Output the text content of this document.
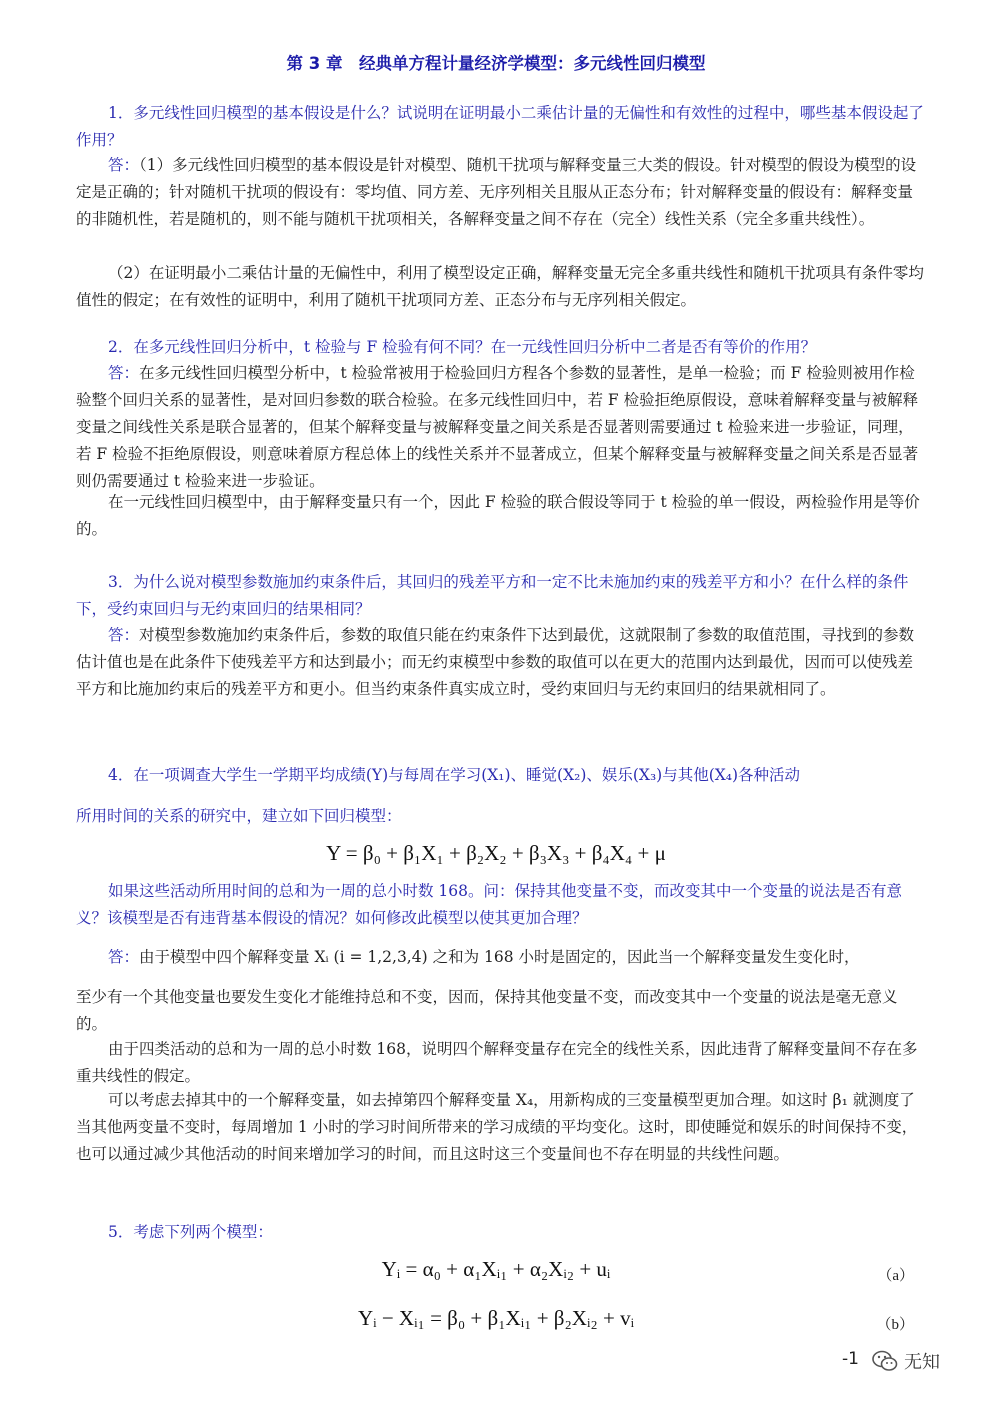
第 3 章　经典单方程计量经济学模型：多元线性回归模型
1．多元线性回归模型的基本假设是什么？试说明在证明最小二乘估计量的无偏性和有效性的过程中，哪些基本假设起了作用？
答：（1）多元线性回归模型的基本假设是针对模型、随机干扰项与解释变量三大类的假设。针对模型的假设为模型的设定是正确的；针对随机干扰项的假设有：零均值、同方差、无序列相关且服从正态分布；针对解释变量的假设有：解释变量的非随机性，若是随机的，则不能与随机干扰项相关，各解释变量之间不存在（完全）线性关系（完全多重共线性）。
（2）在证明最小二乘估计量的无偏性中，利用了模型设定正确，解释变量无完全多重共线性和随机干扰项具有条件零均值性的假定；在有效性的证明中，利用了随机干扰项同方差、正态分布与无序列相关假定。
2．在多元线性回归分析中，t 检验与 F 检验有何不同？在一元线性回归分析中二者是否有等价的作用？
答：在多元线性回归模型分析中，t 检验常被用于检验回归方程各个参数的显著性，是单一检验；而 F 检验则被用作检验整个回归关系的显著性，是对回归参数的联合检验。在多元线性回归中，若 F 检验拒绝原假设，意味着解释变量与被解释变量之间线性关系是联合显著的，但某个解释变量与被解释变量之间关系是否显著则需要通过 t 检验来进一步验证，同理，若 F 检验不拒绝原假设，则意味着原方程总体上的线性关系并不显著成立，但某个解释变量与被解释变量之间关系是否显著则仍需要通过 t 检验来进一步验证。
在一元线性回归模型中，由于解释变量只有一个，因此 F 检验的联合假设等同于 t 检验的单一假设，两检验作用是等价的。
3．为什么说对模型参数施加约束条件后，其回归的残差平方和一定不比未施加约束的残差平方和小？在什么样的条件下，受约束回归与无约束回归的结果相同？
答：对模型参数施加约束条件后，参数的取值只能在约束条件下达到最优，这就限制了参数的取值范围，寻找到的参数估计值也是在此条件下使残差平方和达到最小；而无约束模型中参数的取值可以在更大的范围内达到最优，因而可以使残差平方和比施加约束后的残差平方和更小。但当约束条件真实成立时，受约束回归与无约束回归的结果就相同了。
4．在一项调查大学生一学期平均成绩(Y)与每周在学习(X₁)、睡觉(X₂)、娱乐(X₃)与其他(X₄)各种活动
所用时间的关系的研究中，建立如下回归模型：
Y = β₀ + β₁X₁ + β₂X₂ + β₃X₃ + β₄X₄ + μ
如果这些活动所用时间的总和为一周的总小时数 168。问：保持其他变量不变，而改变其中一个变量的说法是否有意义？该模型是否有违背基本假设的情况？如何修改此模型以使其更加合理？
答：由于模型中四个解释变量 Xᵢ (i = 1,2,3,4) 之和为 168 小时是固定的，因此当一个解释变量发生变化时，
至少有一个其他变量也要发生变化才能维持总和不变，因而，保持其他变量不变，而改变其中一个变量的说法是毫无意义的。
由于四类活动的总和为一周的总小时数 168，说明四个解释变量存在完全的线性关系，因此违背了解释变量间不存在多重共线性的假定。
可以考虑去掉其中的一个解释变量，如去掉第四个解释变量 X₄，用新构成的三变量模型更加合理。如这时 β₁ 就测度了当其他两变量不变时，每周增加 1 小时的学习时间所带来的学习成绩的平均变化。这时，即使睡觉和娱乐的时间保持不变，也可以通过减少其他活动的时间来增加学习的时间，而且这时这三个变量间也不存在明显的共线性问题。
5．考虑下列两个模型：
Yᵢ = α₀ + α₁Xᵢ₁ + α₂Xᵢ₂ + uᵢ	（a）
Yᵢ − Xᵢ₁ = β₀ + β₁Xᵢ₁ + β₂Xᵢ₂ + vᵢ	（b）
-1	无知
